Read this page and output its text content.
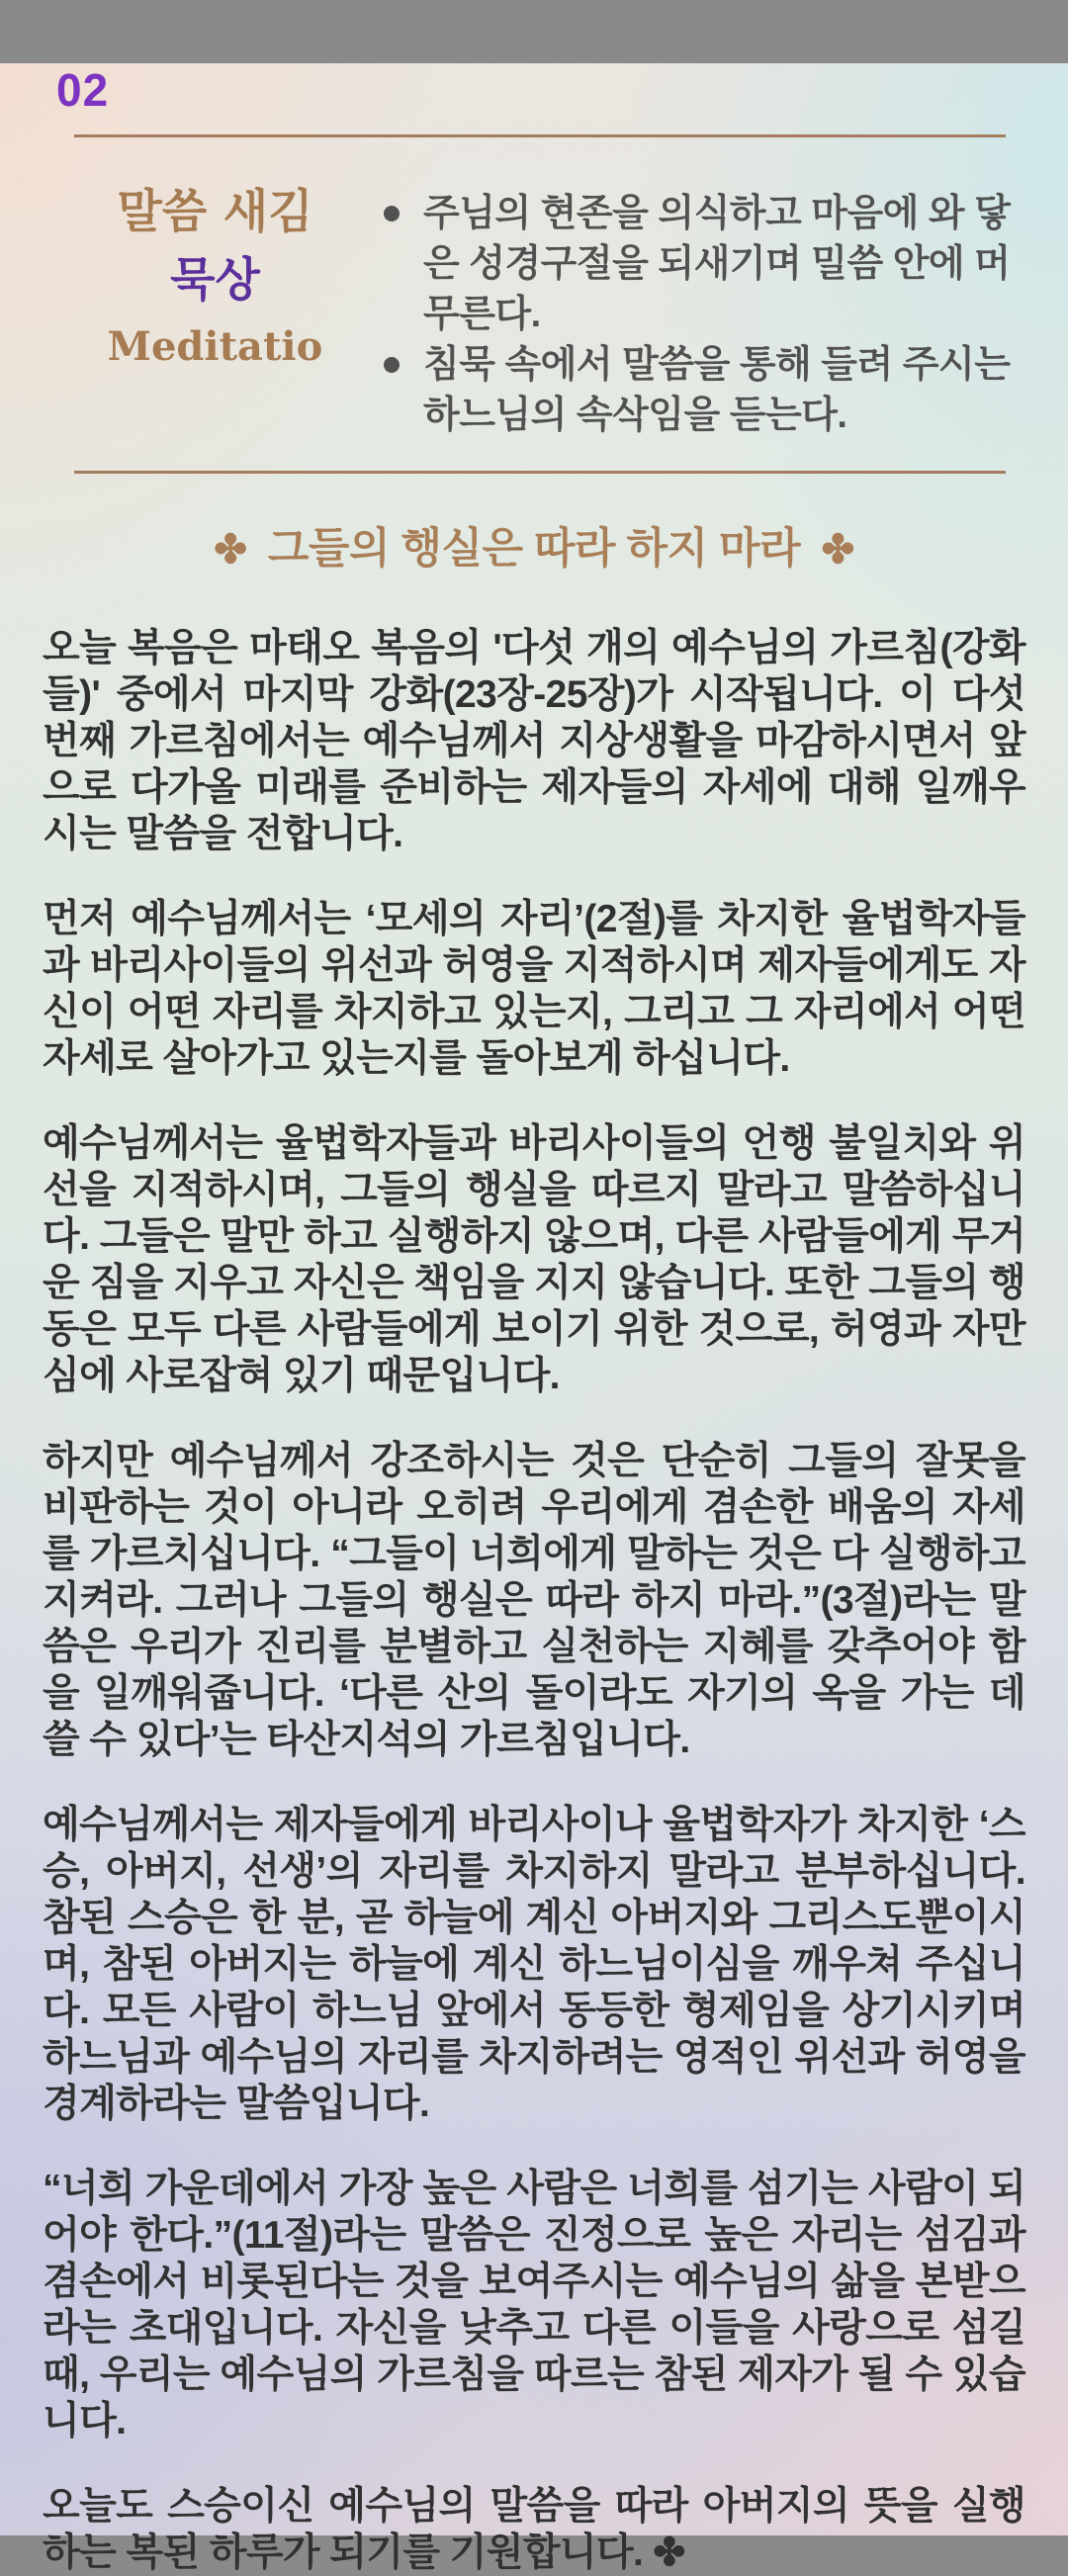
02
말씀 새김
묵상
Meditatio
주님의 현존을 의식하고 마음에 와 닿은 성경구절을 되새기며 밀씀 안에 머무른다.
침묵 속에서 말씀을 통해 들려 주시는 하느님의 속삭임을 듣는다.
✤ 그들의 행실은 따라 하지 마라 ✤

오늘 복음은 마태오 복음의 '다섯 개의 예수님의 가르침(강화들)' 중에서 마지막 강화(23장-25장)가 시작됩니다. 이 다섯 번째 가르침에서는 예수님께서 지상생활을 마감하시면서 앞으로 다가올 미래를 준비하는 제자들의 자세에 대해 일깨우시는 말씀을 전합니다.

먼저 예수님께서는 ‘모세의 자리’(2절)를 차지한 율법학자들과 바리사이들의 위선과 허영을 지적하시며 제자들에게도 자신이 어떤 자리를 차지하고 있는지, 그리고 그 자리에서 어떤 자세로 살아가고 있는지를 돌아보게 하십니다.

예수님께서는 율법학자들과 바리사이들의 언행 불일치와 위선을 지적하시며, 그들의 행실을 따르지 말라고 말씀하십니다. 그들은 말만 하고 실행하지 않으며, 다른 사람들에게 무거운 짐을 지우고 자신은 책임을 지지 않습니다. 또한 그들의 행동은 모두 다른 사람들에게 보이기 위한 것으로, 허영과 자만심에 사로잡혀 있기 때문입니다.

하지만 예수님께서 강조하시는 것은 단순히 그들의 잘못을 비판하는 것이 아니라 오히려 우리에게 겸손한 배움의 자세를 가르치십니다. “그들이 너희에게 말하는 것은 다 실행하고 지켜라. 그러나 그들의 행실은 따라 하지 마라.”(3절)라는 말씀은 우리가 진리를 분별하고 실천하는 지혜를 갖추어야 함을 일깨워줍니다. ‘다른 산의 돌이라도 자기의 옥을 가는 데 쓸 수 있다’는 타산지석의 가르침입니다.

예수님께서는 제자들에게 바리사이나 율법학자가 차지한 ‘스승, 아버지, 선생’의 자리를 차지하지 말라고 분부하십니다. 참된 스승은 한 분, 곧 하늘에 계신 아버지와 그리스도뿐이시며, 참된 아버지는 하늘에 계신 하느님이심을 깨우쳐 주십니다. 모든 사람이 하느님 앞에서 동등한 형제임을 상기시키며 하느님과 예수님의 자리를 차지하려는 영적인 위선과 허영을 경계하라는 말씀입니다.

“너희 가운데에서 가장 높은 사람은 너희를 섬기는 사람이 되어야 한다.”(11절)라는 말씀은 진정으로 높은 자리는 섬김과 겸손에서 비롯된다는 것을 보여주시는 예수님의 삶을 본받으라는 초대입니다. 자신을 낮추고 다른 이들을 사랑으로 섬길 때, 우리는 예수님의 가르침을 따르는 참된 제자가 될 수 있습니다.

오늘도 스승이신 예수님의 말씀을 따라 아버지의 뜻을 실행하는 복된 하루가 되기를 기원합니다. ✤
